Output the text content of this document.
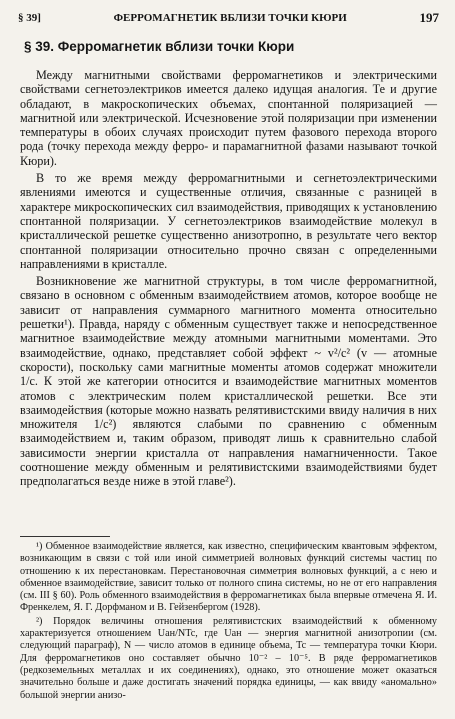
§ 39]	ФЕРРОМАГНЕТИК ВБЛИЗИ ТОЧКИ КЮРИ	197
§ 39. Ферромагнетик вблизи точки Кюри

Между магнитными свойствами ферромагнетиков и электрическими свойствами сегнетоэлектриков имеется далеко идущая аналогия. Те и другие обладают, в макроскопических объемах, спонтанной поляризацией — магнитной или электрической. Исчезновение этой поляризации при изменении температуры в обоих случаях происходит путем фазового перехода второго рода (точку перехода между ферро- и парамагнитной фазами называют точкой Кюри).

В то же время между ферромагнитными и сегнетоэлектрическими явлениями имеются и существенные отличия, связанные с разницей в характере микроскопических сил взаимодействия, приводящих к установлению спонтанной поляризации. У сегнетоэлектриков взаимодействие молекул в кристаллической решетке существенно анизотропно, в результате чего вектор спонтанной поляризации относительно прочно связан с определенными направлениями в кристалле.

Возникновение же магнитной структуры, в том числе ферромагнитной, связано в основном с обменным взаимодействием атомов, которое вообще не зависит от направления суммарного магнитного момента относительно решетки¹). Правда, наряду с обменным существует также и непосредственное магнитное взаимодействие между атомными магнитными моментами. Это взаимодействие, однако, представляет собой эффект ~ v²/c² (v — атомные скорости), поскольку сами магнитные моменты атомов содержат множители 1/c. К этой же категории относится и взаимодействие магнитных моментов атомов с электрическим полем кристаллической решетки. Все эти взаимодействия (которые можно назвать релятивистскими ввиду наличия в них множителя 1/c²) являются слабыми по сравнению с обменным взаимодействием и, таким образом, приводят лишь к сравнительно слабой зависимости энергии кристалла от направления намагниченности. Такое соотношение между обменным и релятивистскими взаимодействиями будет предполагаться везде ниже в этой главе²).

¹) Обменное взаимодействие является, как известно, специфическим квантовым эффектом, возникающим в связи с той или иной симметрией волновых функций системы частиц по отношению к их перестановкам. Перестановочная симметрия волновых функций, а с нею и обменное взаимодействие, зависит только от полного спина системы, но не от его направления (см. III § 60). Роль обменного взаимодействия в ферромагнетиках была впервые отмечена Я. И. Френкелем, Я. Г. Дорфманом и В. Гейзенбергом (1928).

²) Порядок величины отношения релятивистских взаимодействий к обменному характеризуется отношением Uан/NTc, где Uан — энергия магнитной анизотропии (см. следующий параграф), N — число атомов в единице объема, Tc — температура точки Кюри. Для ферромагнетиков оно составляет обычно 10⁻² – 10⁻⁵. В ряде ферромагнетиков (редкоземельных металлах и их соединениях), однако, это отношение может оказаться значительно больше и даже достигать значений порядка единицы, — как ввиду «аномально» большой энергии анизо-
